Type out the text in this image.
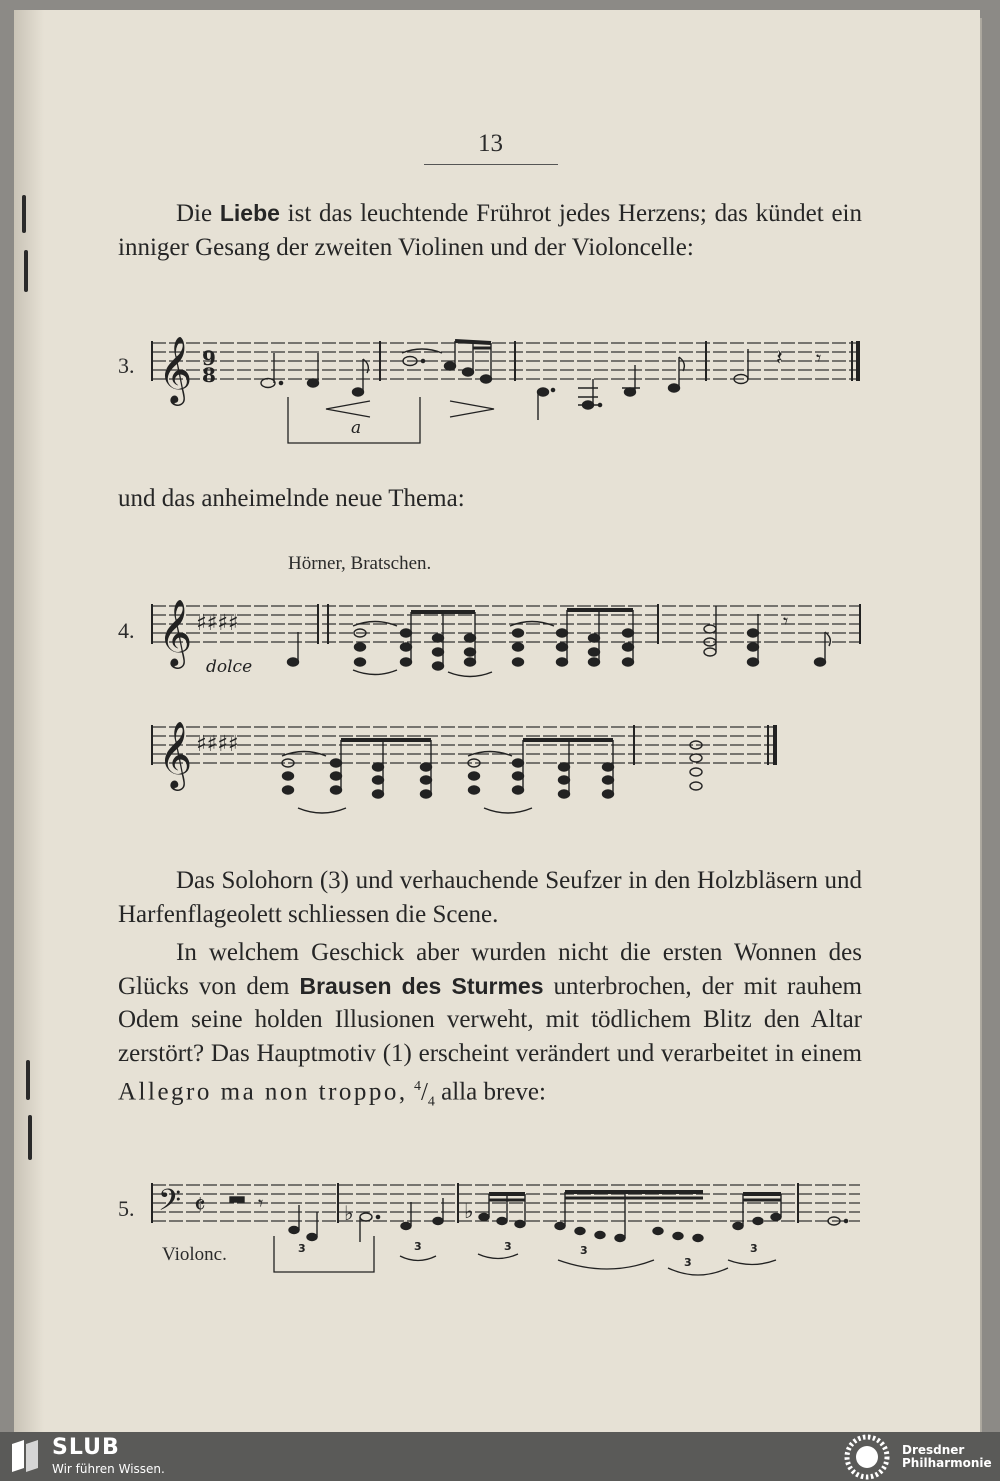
13
Die Liebe ist das leuchtende Frührot jedes Herzens; das kündet ein inniger Gesang der zweiten Violinen und der Violoncelle:
3. 𝄞 9
8
𝄽 𝄾
a
und das anheimelnde neue Thema:
Hörner, Bratschen.
4. 𝄞 ♯♯♯♯
dolce
𝄾
𝄞 ♯♯♯♯
Das Solohorn (3) und verhauchende Seufzer in den Holzbläsern und Harfenflageolett schliessen die Scene.
In welchem Geschick aber wurden nicht die ersten Wonnen des Glücks von dem Brausen des Sturmes unterbrochen, der mit rauhem Odem seine holden Illusionen verweht, mit tödlichem Blitz den Altar zerstört? Das Hauptmotiv (1) erscheint verändert und verarbeitet in einem Allegro ma non troppo, $^4/_4$ alla breve:
5.
Violonc.
𝄢 𝄵	𝄾	♭	♭
3	3	3	3
3
3
SLUB
Wir führen Wissen.
Dresdner
Philharmonie
